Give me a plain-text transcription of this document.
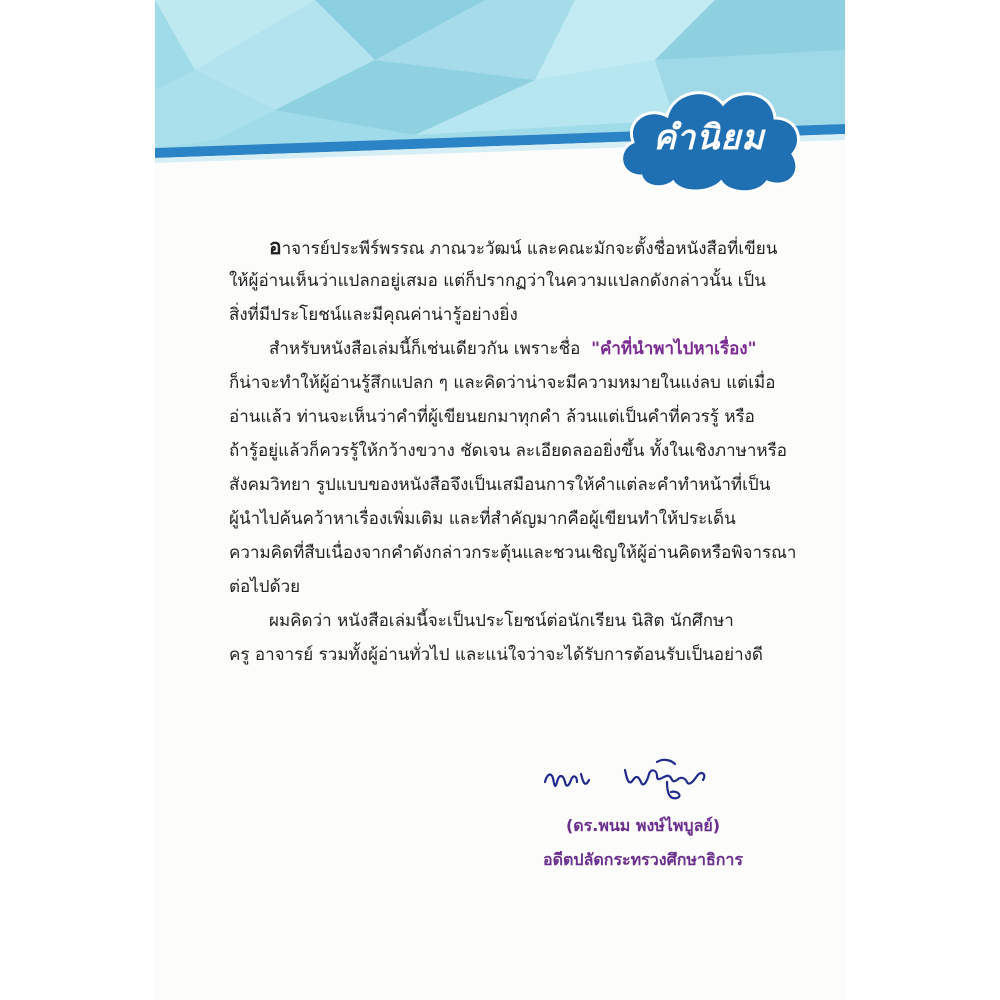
คำนิยม
อาจารย์ประพีร์พรรณ ภาณวะวัฒน์ และคณะมักจะตั้งชื่อหนังสือที่เขียน
ให้ผู้อ่านเห็นว่าแปลกอยู่เสมอ แต่ก็ปรากฏว่าในความแปลกดังกล่าวนั้น เป็น
สิ่งที่มีประโยชน์และมีคุณค่าน่ารู้อย่างยิ่ง
สำหรับหนังสือเล่มนี้ก็เช่นเดียวกัน เพราะชื่อ "คำที่นำพาไปหาเรื่อง"
ก็น่าจะทำให้ผู้อ่านรู้สึกแปลก ๆ และคิดว่าน่าจะมีความหมายในแง่ลบ แต่เมื่อ
อ่านแล้ว ท่านจะเห็นว่าคำที่ผู้เขียนยกมาทุกคำ ล้วนแต่เป็นคำที่ควรรู้ หรือ
ถ้ารู้อยู่แล้วก็ควรรู้ให้กว้างขวาง ชัดเจน ละเอียดลออยิ่งขึ้น ทั้งในเชิงภาษาหรือ
สังคมวิทยา รูปแบบของหนังสือจึงเป็นเสมือนการให้คำแต่ละคำทำหน้าที่เป็น
ผู้นำไปค้นคว้าหาเรื่องเพิ่มเติม และที่สำคัญมากคือผู้เขียนทำให้ประเด็น
ความคิดที่สืบเนื่องจากคำดังกล่าวกระตุ้นและชวนเชิญให้ผู้อ่านคิดหรือพิจารณา
ต่อไปด้วย
ผมคิดว่า หนังสือเล่มนี้จะเป็นประโยชน์ต่อนักเรียน นิสิต นักศึกษา
ครู อาจารย์ รวมทั้งผู้อ่านทั่วไป และแน่ใจว่าจะได้รับการต้อนรับเป็นอย่างดี
(ดร.พนม พงษ์ไพบูลย์)
อดีตปลัดกระทรวงศึกษาธิการ
